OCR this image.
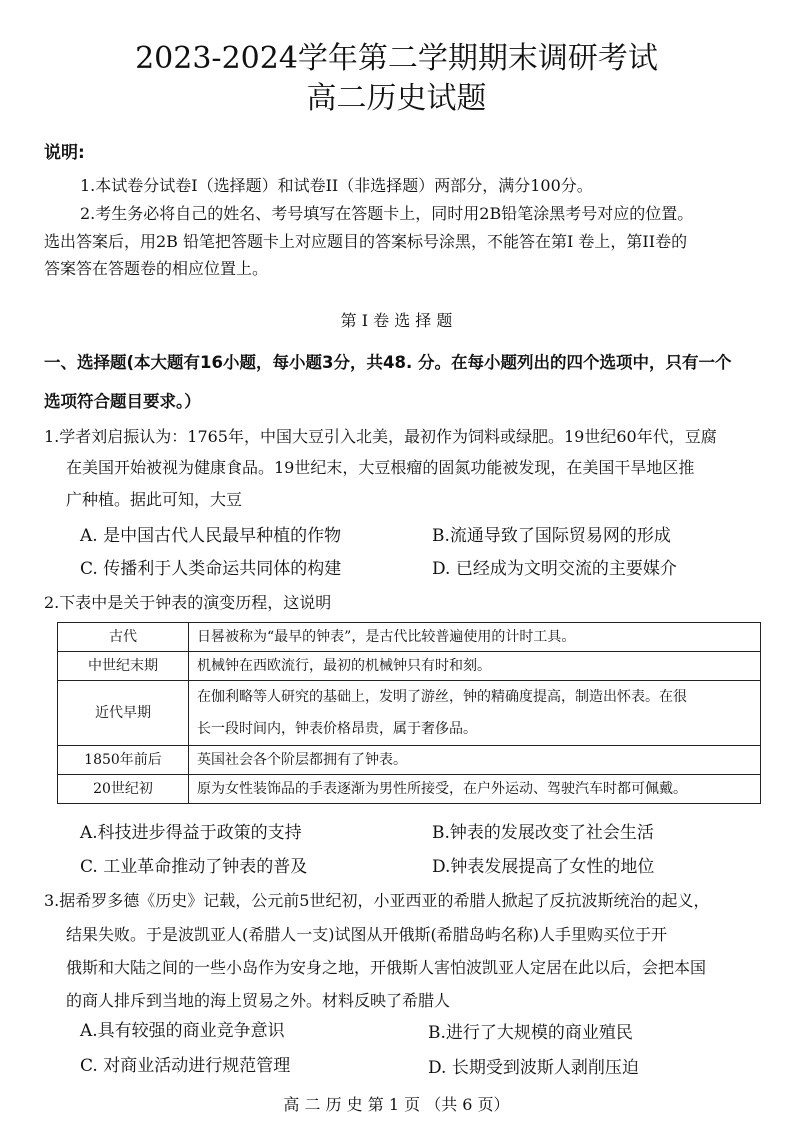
2023-2024学年第二学期期末调研考试
高二历史试题
说明:
1.本试卷分试卷I（选择题）和试卷II（非选择题）两部分，满分100分。
2.考生务必将自己的姓名、考号填写在答题卡上，同时用2B铅笔涂黑考号对应的位置。
选出答案后，用2B 铅笔把答题卡上对应题目的答案标号涂黑，不能答在第I 卷上，第II卷的
答案答在答题卷的相应位置上。
第 I 卷 选 择 题
一、选择题(本大题有16小题，每小题3分，共48. 分。在每小题列出的四个选项中，只有一个
选项符合题目要求。）
1.学者刘启振认为：1765年，中国大豆引入北美，最初作为饲料或绿肥。19世纪60年代，豆腐
在美国开始被视为健康食品。19世纪末，大豆根瘤的固氮功能被发现，在美国干旱地区推
广种植。据此可知，大豆
A. 是中国古代人民最早种植的作物	B.流通导致了国际贸易网的形成
C. 传播利于人类命运共同体的构建	D. 已经成为文明交流的主要媒介
2.下表中是关于钟表的演变历程，这说明
古代	日晷被称为“最早的钟表”，是古代比较普遍使用的计时工具。
中世纪末期	机械钟在西欧流行，最初的机械钟只有时和刻。
近代早期	在伽利略等人研究的基础上，发明了游丝，钟的精确度提高，制造出怀表。在很
长一段时间内，钟表价格昂贵，属于奢侈品。

1850年前后	英国社会各个阶层都拥有了钟表。
20世纪初	原为女性装饰品的手表逐渐为男性所接受，在户外运动、驾驶汽车时都可佩戴。
A.科技进步得益于政策的支持	B.钟表的发展改变了社会生活
C. 工业革命推动了钟表的普及	D.钟表发展提高了女性的地位
3.据希罗多德《历史》记载，公元前5世纪初，小亚西亚的希腊人掀起了反抗波斯统治的起义，
结果失败。于是波凯亚人(希腊人一支)试图从开俄斯(希腊岛屿名称)人手里购买位于开
俄斯和大陆之间的一些小岛作为安身之地，开俄斯人害怕波凯亚人定居在此以后，会把本国
的商人排斥到当地的海上贸易之外。材料反映了希腊人
A.具有较强的商业竞争意识	B.进行了大规模的商业殖民
C. 对商业活动进行规范管理	D. 长期受到波斯人剥削压迫
高 二 历 史 第 1 页 （共 6 页）
